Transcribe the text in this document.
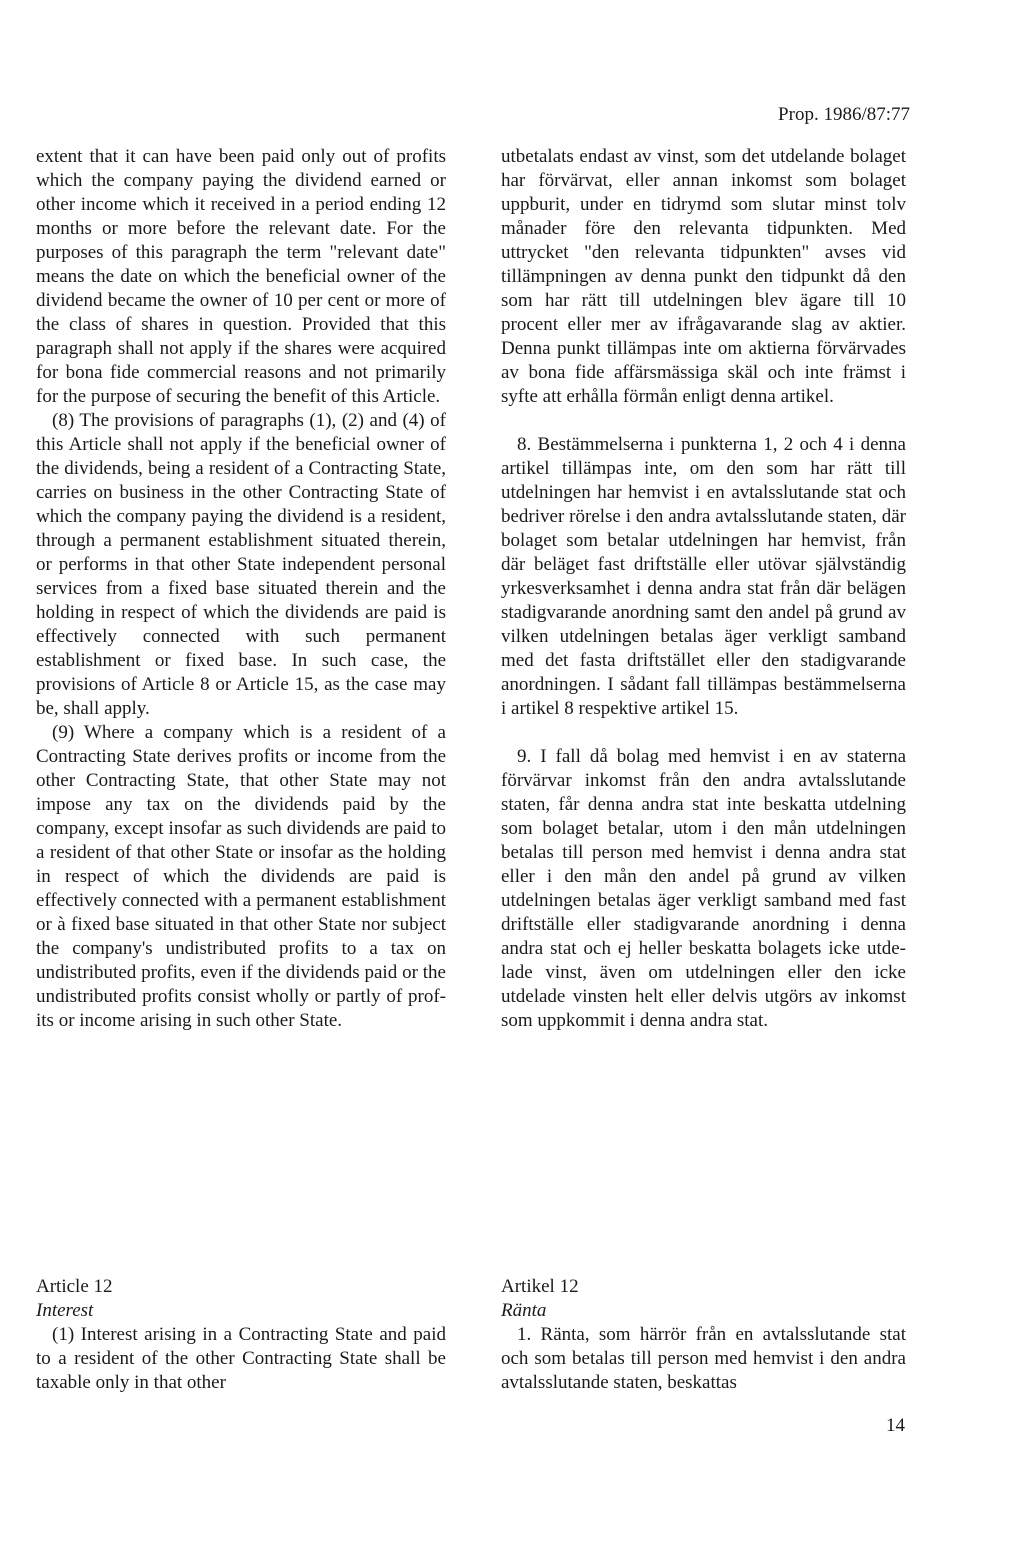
Prop. 1986/87:77

extent that it can have been paid only out of profits which the company paying the dividend earned or other income which it received in a period ending 12 months or more before the relevant date. For the purposes of this paragraph the term "relevant date" means the date on which the beneficial owner of the dividend became the owner of 10 per cent or more of the class of shares in question. Provided that this paragraph shall not apply if the shares were acquired for bona fide commercial reasons and not primarily for the purpose of securing the benefit of this Article.

(8) The provisions of paragraphs (1), (2) and (4) of this Article shall not apply if the beneficial owner of the dividends, being a resident of a Contracting State, carries on business in the other Contracting State of which the company paying the dividend is a resident, through a permanent establishment situated therein, or performs in that other State independent personal services from a fixed base situated therein and the holding in respect of which the dividends are paid is effectively connected with such permanent establishment or fixed base. In such case, the provisions of Article 8 or Article 15, as the case may be, shall apply.

(9) Where a company which is a resident of a Contracting State derives profits or income from the other Contracting State, that other State may not impose any tax on the dividends paid by the company, except insofar as such dividends are paid to a resident of that other State or insofar as the holding in respect of which the dividends are paid is effectively connected with a permanent establishment or à fixed base situated in that other State nor subject the company's undistributed profits to a tax on undistributed profits, even if the dividends paid or the undistributed profits consist wholly or partly of profits or income arising in such other State.

utbetalats endast av vinst, som det utdelande bolaget har förvärvat, eller annan inkomst som bolaget uppburit, under en tidrymd som slutar minst tolv månader före den relevanta tidpunkten. Med uttrycket "den relevanta tidpunkten" avses vid tillämpningen av denna punkt den tidpunkt då den som har rätt till utdelningen blev ägare till 10 procent eller mer av ifrågavarande slag av aktier. Denna punkt tillämpas inte om aktierna förvärvades av bona fide affärsmässiga skäl och inte främst i syfte att erhålla förmån enligt denna artikel.

8. Bestämmelserna i punkterna 1, 2 och 4 i denna artikel tillämpas inte, om den som har rätt till utdelningen har hemvist i en avtalsslutande stat och bedriver rörelse i den andra avtalsslutande staten, där bolaget som betalar utdelningen har hemvist, från där beläget fast driftställe eller utövar självständig yrkesverksamhet i denna andra stat från där belägen stadigvarande anordning samt den andel på grund av vilken utdelningen betalas äger verkligt samband med det fasta driftstället eller den stadigvarande anordningen. I sådant fall tillämpas bestämmelserna i artikel 8 respektive artikel 15.

9. I fall då bolag med hemvist i en av staterna förvärvar inkomst från den andra avtalsslutande staten, får denna andra stat inte beskatta utdelning som bolaget betalar, utom i den mån utdelningen betalas till person med hemvist i denna andra stat eller i den mån den andel på grund av vilken utdelningen betalas äger verkligt samband med fast driftställe eller stadigvarande anordning i denna andra stat och ej heller beskatta bolagets icke utdelade vinst, även om utdelningen eller den icke utdelade vinsten helt eller delvis utgörs av inkomst som uppkommit i denna andra stat.

Article 12
Interest

(1) Interest arising in a Contracting State and paid to a resident of the other Contracting State shall be taxable only in that other

Artikel 12
Ränta

1. Ränta, som härrör från en avtalsslutande stat och som betalas till person med hemvist i den andra avtalsslutande staten, beskattas

14
